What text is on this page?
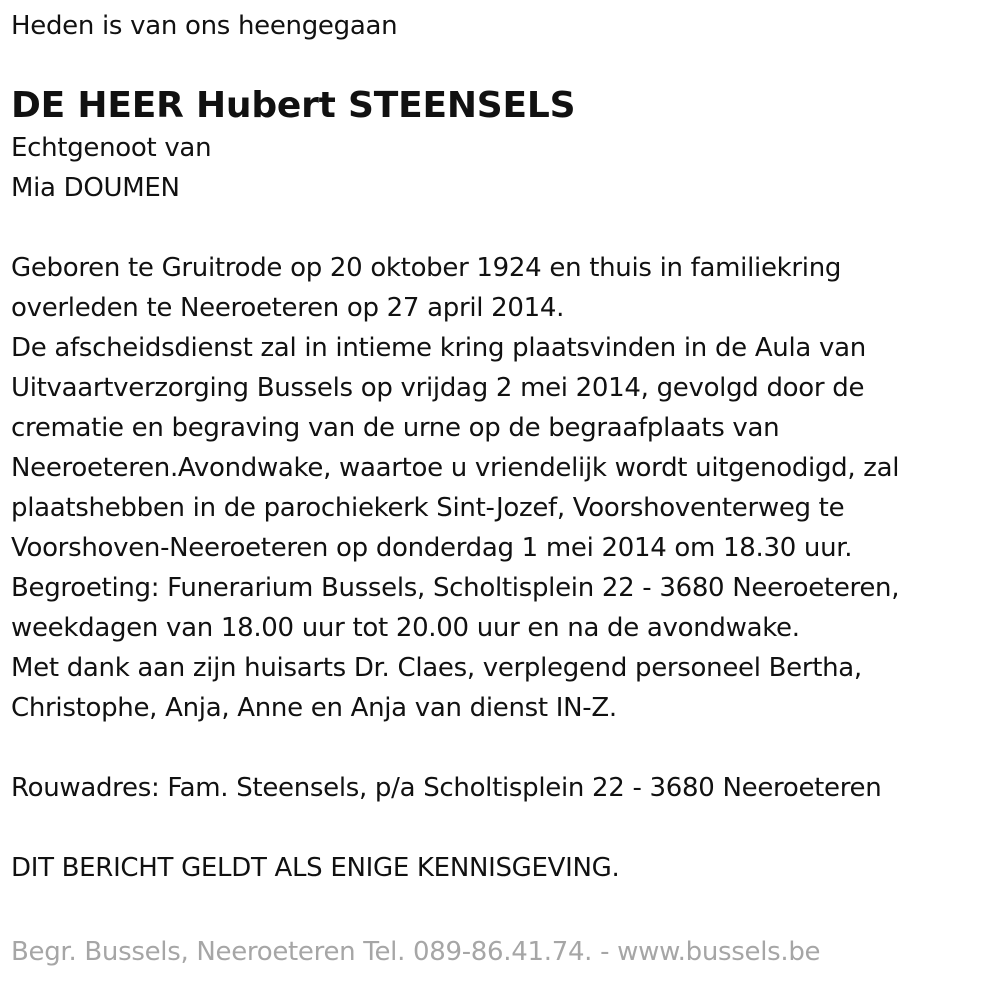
Heden is van ons heengegaan
DE HEER Hubert STEENSELS
Echtgenoot van
Mia DOUMEN
Geboren te Gruitrode op 20 oktober 1924 en thuis in familiekring
overleden te Neeroeteren op 27 april 2014.
De afscheidsdienst zal in intieme kring plaatsvinden in de Aula van
Uitvaartverzorging Bussels op vrijdag 2 mei 2014, gevolgd door de
crematie en begraving van de urne op de begraafplaats van
Neeroeteren.Avondwake, waartoe u vriendelijk wordt uitgenodigd, zal
plaatshebben in de parochiekerk Sint-Jozef, Voorshoventerweg te
Voorshoven-Neeroeteren op donderdag 1 mei 2014 om 18.30 uur.
Begroeting: Funerarium Bussels, Scholtisplein 22 - 3680 Neeroeteren,
weekdagen van 18.00 uur tot 20.00 uur en na de avondwake.
Met dank aan zijn huisarts Dr. Claes, verplegend personeel Bertha,
Christophe, Anja, Anne en Anja van dienst IN-Z.
Rouwadres: Fam. Steensels, p/a Scholtisplein 22 - 3680 Neeroeteren
DIT BERICHT GELDT ALS ENIGE KENNISGEVING.
Begr. Bussels, Neeroeteren Tel. 089-86.41.74. - www.bussels.be
